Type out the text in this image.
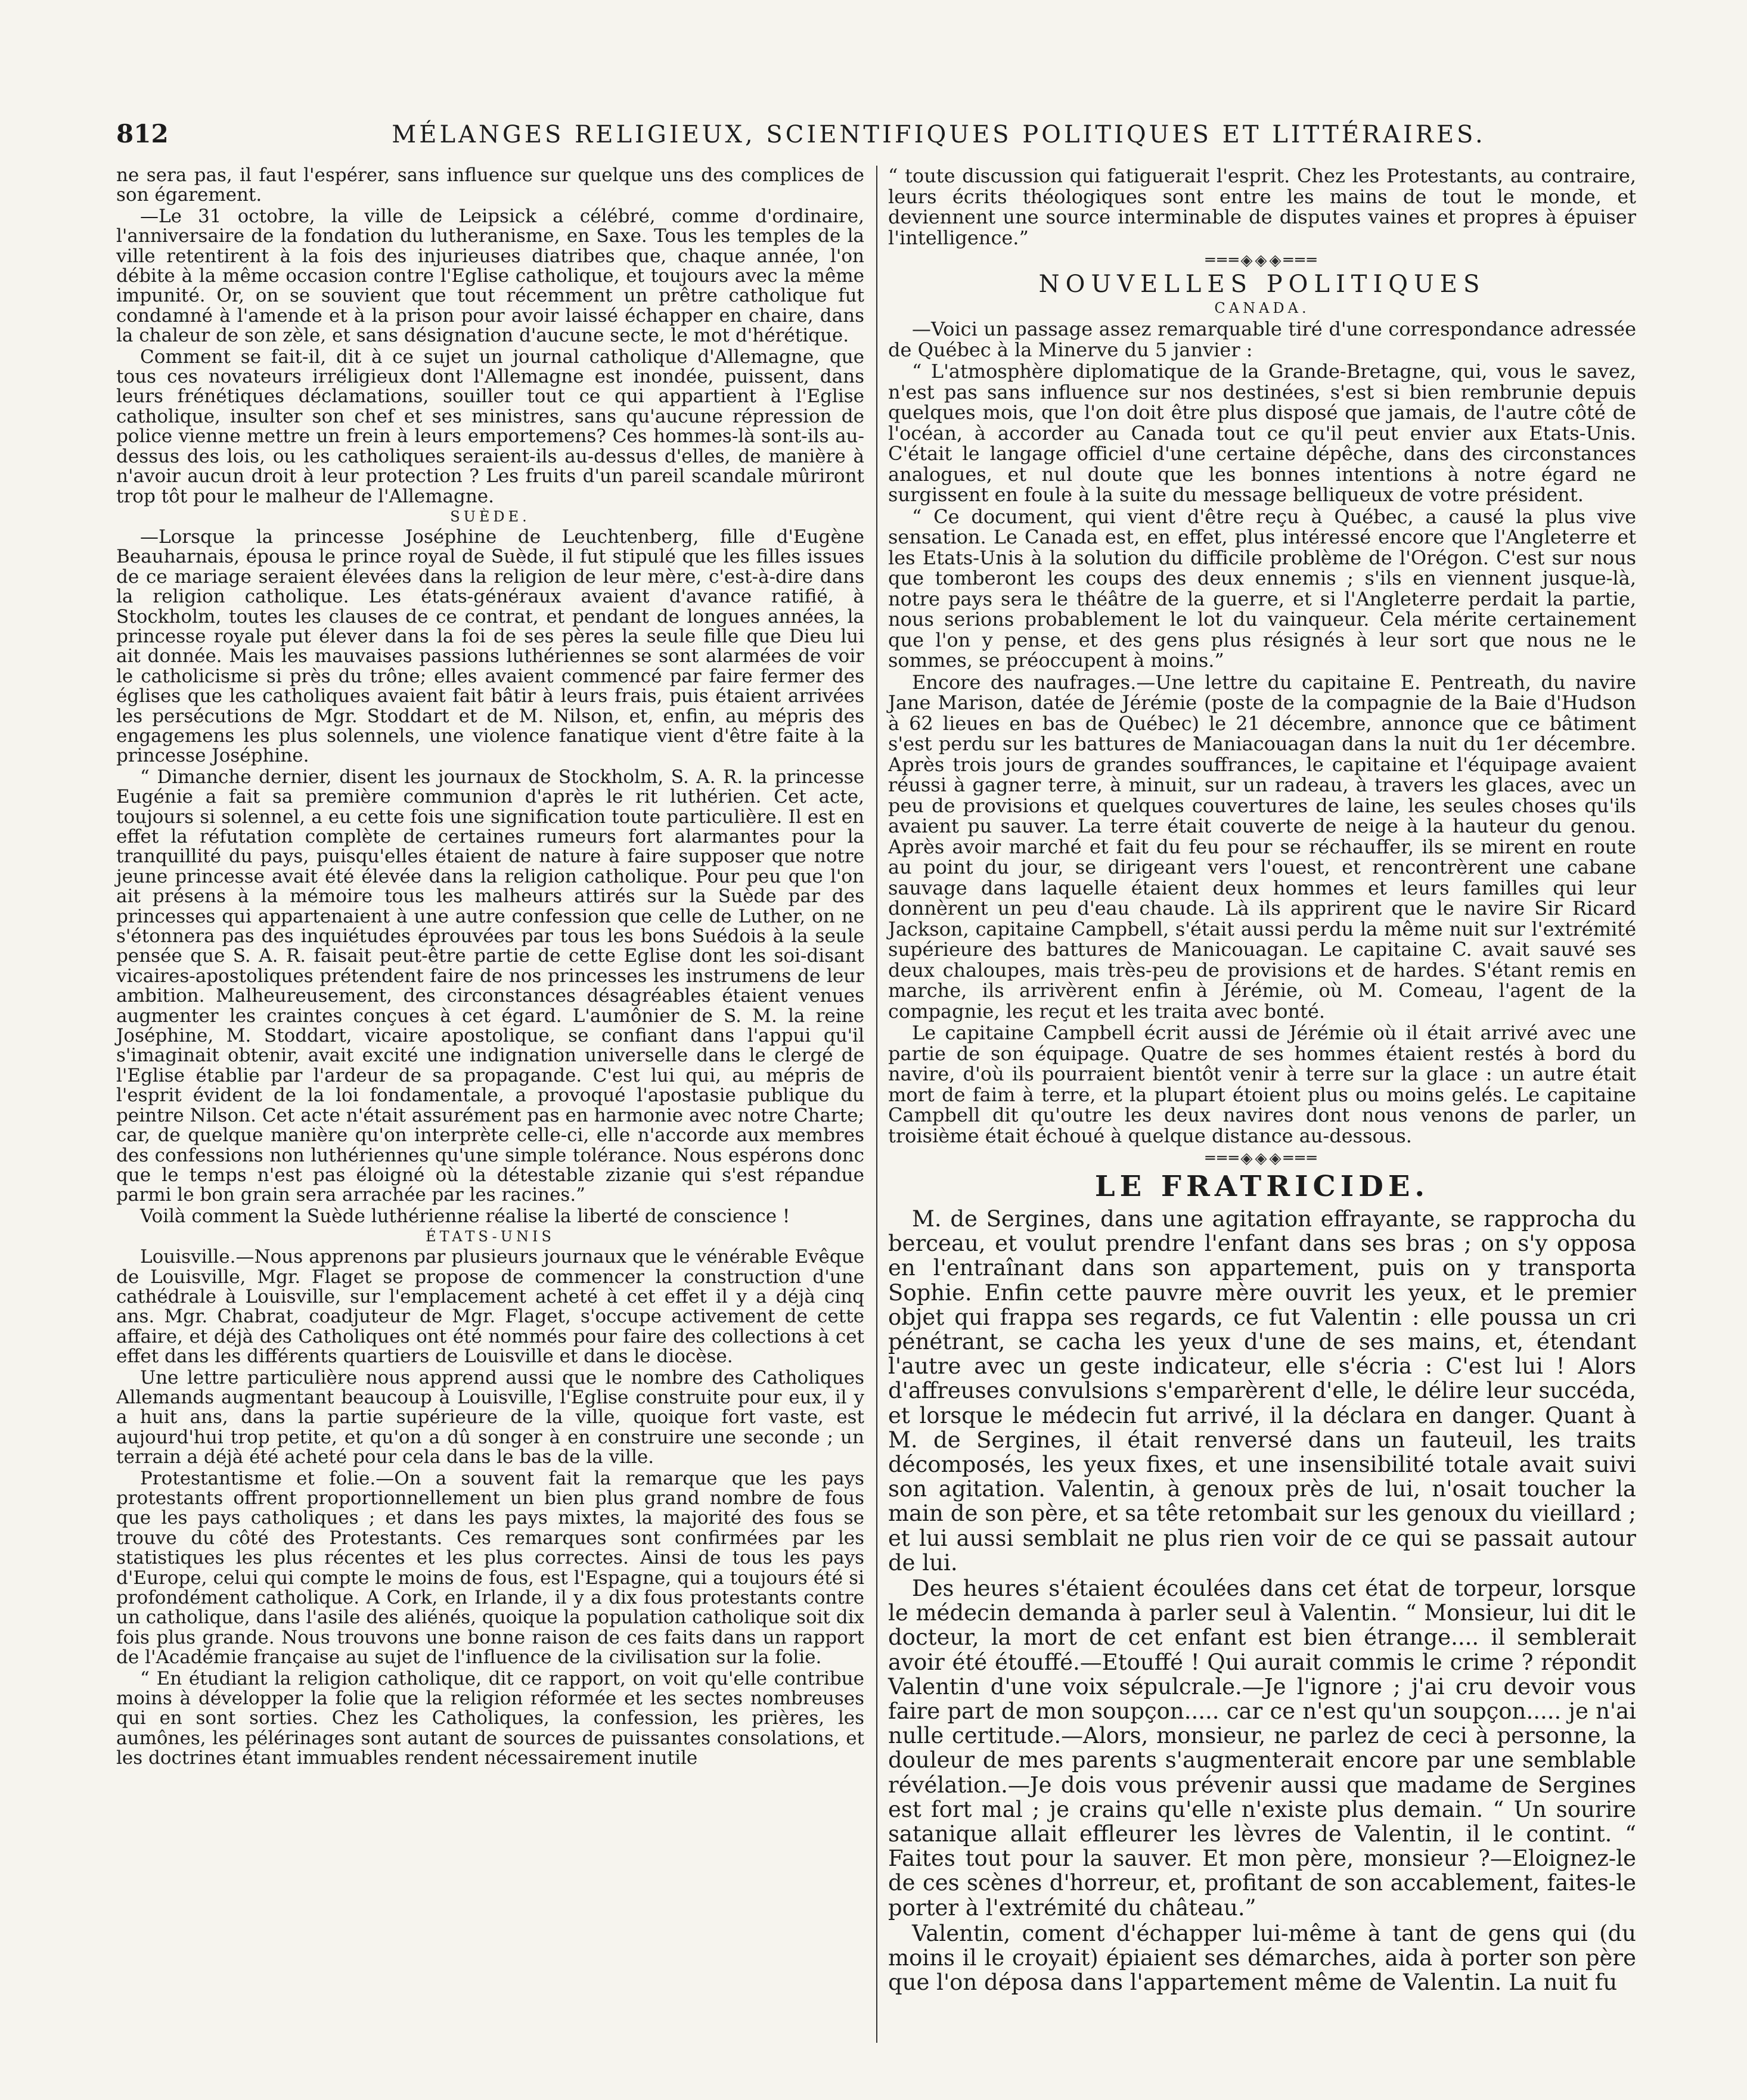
812	MÉLANGES RELIGIEUX, SCIENTIFIQUES POLITIQUES ET LITTÉRAIRES.

ne sera pas, il faut l'espérer, sans influence sur quelque uns des complices de son égarement.

—Le 31 octobre, la ville de Leipsick a célébré, comme d'ordinaire, l'anniversaire de la fondation du lutheranisme, en Saxe. Tous les temples de la ville retentirent à la fois des injurieuses diatribes que, chaque année, l'on débite à la même occasion contre l'Eglise catholique, et toujours avec la même impunité. Or, on se souvient que tout récemment un prêtre catholique fut condamné à l'amende et à la prison pour avoir laissé échapper en chaire, dans la chaleur de son zèle, et sans désignation d'aucune secte, le mot d'hérétique.

Comment se fait-il, dit à ce sujet un journal catholique d'Allemagne, que tous ces novateurs irréligieux dont l'Allemagne est inondée, puissent, dans leurs frénétiques déclamations, souiller tout ce qui appartient à l'Eglise catholique, insulter son chef et ses ministres, sans qu'aucune répression de police vienne mettre un frein à leurs emportemens? Ces hommes-là sont-ils au-dessus des lois, ou les catholiques seraient-ils au-dessus d'elles, de manière à n'avoir aucun droit à leur protection ? Les fruits d'un pareil scandale mûriront trop tôt pour le malheur de l'Allemagne.

SUÈDE.

—Lorsque la princesse Joséphine de Leuchtenberg, fille d'Eugène Beauharnais, épousa le prince royal de Suède, il fut stipulé que les filles issues de ce mariage seraient élevées dans la religion de leur mère, c'est-à-dire dans la religion catholique. Les états-généraux avaient d'avance ratifié, à Stockholm, toutes les clauses de ce contrat, et pendant de longues années, la princesse royale put élever dans la foi de ses pères la seule fille que Dieu lui ait donnée. Mais les mauvaises passions luthériennes se sont alarmées de voir le catholicisme si près du trône; elles avaient commencé par faire fermer des églises que les catholiques avaient fait bâtir à leurs frais, puis étaient arrivées les persécutions de Mgr. Stoddart et de M. Nilson, et, enfin, au mépris des engagemens les plus solennels, une violence fanatique vient d'être faite à la princesse Joséphine.

“ Dimanche dernier, disent les journaux de Stockholm, S. A. R. la princesse Eugénie a fait sa première communion d'après le rit luthérien. Cet acte, toujours si solennel, a eu cette fois une signification toute particulière. Il est en effet la réfutation complète de certaines rumeurs fort alarmantes pour la tranquillité du pays, puisqu'elles étaient de nature à faire supposer que notre jeune princesse avait été élevée dans la religion catholique. Pour peu que l'on ait présens à la mémoire tous les malheurs attirés sur la Suède par des princesses qui appartenaient à une autre confession que celle de Luther, on ne s'étonnera pas des inquiétudes éprouvées par tous les bons Suédois à la seule pensée que S. A. R. faisait peut-être partie de cette Eglise dont les soi-disant vicaires-apostoliques prétendent faire de nos princesses les instrumens de leur ambition. Malheureusement, des circonstances désagréables étaient venues augmenter les craintes conçues à cet égard. L'aumônier de S. M. la reine Joséphine, M. Stoddart, vicaire apostolique, se confiant dans l'appui qu'il s'imaginait obtenir, avait excité une indignation universelle dans le clergé de l'Eglise établie par l'ardeur de sa propagande. C'est lui qui, au mépris de l'esprit évident de la loi fondamentale, a provoqué l'apostasie publique du peintre Nilson. Cet acte n'était assurément pas en harmonie avec notre Charte; car, de quelque manière qu'on interprète celle-ci, elle n'accorde aux membres des confessions non luthériennes qu'une simple tolérance. Nous espérons donc que le temps n'est pas éloigné où la détestable zizanie qui s'est répandue parmi le bon grain sera arrachée par les racines.”

Voilà comment la Suède luthérienne réalise la liberté de conscience !

ÉTATS-UNIS

Louisville.—Nous apprenons par plusieurs journaux que le vénérable Evêque de Louisville, Mgr. Flaget se propose de commencer la construction d'une cathédrale à Louisville, sur l'emplacement acheté à cet effet il y a déjà cinq ans. Mgr. Chabrat, coadjuteur de Mgr. Flaget, s'occupe activement de cette affaire, et déjà des Catholiques ont été nommés pour faire des collections à cet effet dans les différents quartiers de Louisville et dans le diocèse.

Une lettre particulière nous apprend aussi que le nombre des Catholiques Allemands augmentant beaucoup à Louisville, l'Eglise construite pour eux, il y a huit ans, dans la partie supérieure de la ville, quoique fort vaste, est aujourd'hui trop petite, et qu'on a dû songer à en construire une seconde ; un terrain a déjà été acheté pour cela dans le bas de la ville.

Protestantisme et folie.—On a souvent fait la remarque que les pays protestants offrent proportionnellement un bien plus grand nombre de fous que les pays catholiques ; et dans les pays mixtes, la majorité des fous se trouve du côté des Protestants. Ces remarques sont confirmées par les statistiques les plus récentes et les plus correctes. Ainsi de tous les pays d'Europe, celui qui compte le moins de fous, est l'Espagne, qui a toujours été si profondément catholique. A Cork, en Irlande, il y a dix fous protestants contre un catholique, dans l'asile des aliénés, quoique la population catholique soit dix fois plus grande. Nous trouvons une bonne raison de ces faits dans un rapport de l'Académie française au sujet de l'influence de la civilisation sur la folie.

“ En étudiant la religion catholique, dit ce rapport, on voit qu'elle contribue moins à développer la folie que la religion réformée et les sectes nombreuses qui en sont sorties. Chez les Catholiques, la confession, les prières, les aumônes, les pélérinages sont autant de sources de puissantes consolations, et les doctrines étant immuables rendent nécessairement inutile

“ toute discussion qui fatiguerait l'esprit. Chez les Protestants, au contraire, leurs écrits théologiques sont entre les mains de tout le monde, et deviennent une source interminable de disputes vaines et propres à épuiser l'intelligence.”

═══◈◈◈═══
NOUVELLES POLITIQUES
CANADA.

—Voici un passage assez remarquable tiré d'une correspondance adressée de Québec à la Minerve du 5 janvier :

“ L'atmosphère diplomatique de la Grande-Bretagne, qui, vous le savez, n'est pas sans influence sur nos destinées, s'est si bien rembrunie depuis quelques mois, que l'on doit être plus disposé que jamais, de l'autre côté de l'océan, à accorder au Canada tout ce qu'il peut envier aux Etats-Unis. C'était le langage officiel d'une certaine dépêche, dans des circonstances analogues, et nul doute que les bonnes intentions à notre égard ne surgissent en foule à la suite du message belliqueux de votre président.

“ Ce document, qui vient d'être reçu à Québec, a causé la plus vive sensation. Le Canada est, en effet, plus intéressé encore que l'Angleterre et les Etats-Unis à la solution du difficile problème de l'Orégon. C'est sur nous que tomberont les coups des deux ennemis ; s'ils en viennent jusque-là, notre pays sera le théâtre de la guerre, et si l'Angleterre perdait la partie, nous serions probablement le lot du vainqueur. Cela mérite certainement que l'on y pense, et des gens plus résignés à leur sort que nous ne le sommes, se préoccupent à moins.”

Encore des naufrages.—Une lettre du capitaine E. Pentreath, du navire Jane Marison, datée de Jérémie (poste de la compagnie de la Baie d'Hudson à 62 lieues en bas de Québec) le 21 décembre, annonce que ce bâtiment s'est perdu sur les battures de Maniacouagan dans la nuit du 1er décembre. Après trois jours de grandes souffrances, le capitaine et l'équipage avaient réussi à gagner terre, à minuit, sur un radeau, à travers les glaces, avec un peu de provisions et quelques couvertures de laine, les seules choses qu'ils avaient pu sauver. La terre était couverte de neige à la hauteur du genou. Après avoir marché et fait du feu pour se réchauffer, ils se mirent en route au point du jour, se dirigeant vers l'ouest, et rencontrèrent une cabane sauvage dans laquelle étaient deux hommes et leurs familles qui leur donnèrent un peu d'eau chaude. Là ils apprirent que le navire Sir Ricard Jackson, capitaine Campbell, s'était aussi perdu la même nuit sur l'extrémité supérieure des battures de Manicouagan. Le capitaine C. avait sauvé ses deux chaloupes, mais très-peu de provisions et de hardes. S'étant remis en marche, ils arrivèrent enfin à Jérémie, où M. Comeau, l'agent de la compagnie, les reçut et les traita avec bonté.

Le capitaine Campbell écrit aussi de Jérémie où il était arrivé avec une partie de son équipage. Quatre de ses hommes étaient restés à bord du navire, d'où ils pourraient bientôt venir à terre sur la glace : un autre était mort de faim à terre, et la plupart étoient plus ou moins gelés. Le capitaine Campbell dit qu'outre les deux navires dont nous venons de parler, un troisième était échoué à quelque distance au-dessous.

═══◈◈◈═══
LE FRATRICIDE.

M. de Sergines, dans une agitation effrayante, se rapprocha du berceau, et voulut prendre l'enfant dans ses bras ; on s'y opposa en l'entraînant dans son appartement, puis on y transporta Sophie. Enfin cette pauvre mère ouvrit les yeux, et le premier objet qui frappa ses regards, ce fut Valentin : elle poussa un cri pénétrant, se cacha les yeux d'une de ses mains, et, étendant l'autre avec un geste indicateur, elle s'écria : C'est lui ! Alors d'affreuses convulsions s'emparèrent d'elle, le délire leur succéda, et lorsque le médecin fut arrivé, il la déclara en danger. Quant à M. de Sergines, il était renversé dans un fauteuil, les traits décomposés, les yeux fixes, et une insensibilité totale avait suivi son agitation. Valentin, à genoux près de lui, n'osait toucher la main de son père, et sa tête retombait sur les genoux du vieillard ; et lui aussi semblait ne plus rien voir de ce qui se passait autour de lui.

Des heures s'étaient écoulées dans cet état de torpeur, lorsque le médecin demanda à parler seul à Valentin. “ Monsieur, lui dit le docteur, la mort de cet enfant est bien étrange.... il semblerait avoir été étouffé.—Etouffé ! Qui aurait commis le crime ? répondit Valentin d'une voix sépulcrale.—Je l'ignore ; j'ai cru devoir vous faire part de mon soupçon..... car ce n'est qu'un soupçon..... je n'ai nulle certitude.—Alors, monsieur, ne parlez de ceci à personne, la douleur de mes parents s'augmenterait encore par une semblable révélation.—Je dois vous prévenir aussi que madame de Sergines est fort mal ; je crains qu'elle n'existe plus demain. “ Un sourire satanique allait effleurer les lèvres de Valentin, il le contint. “ Faites tout pour la sauver. Et mon père, monsieur ?—Eloignez-le de ces scènes d'horreur, et, profitant de son accablement, faites-le porter à l'extrémité du château.”

Valentin, coment d'échapper lui-même à tant de gens qui (du moins il le croyait) épiaient ses démarches, aida à porter son père que l'on déposa dans l'appartement même de Valentin. La nuit fu
